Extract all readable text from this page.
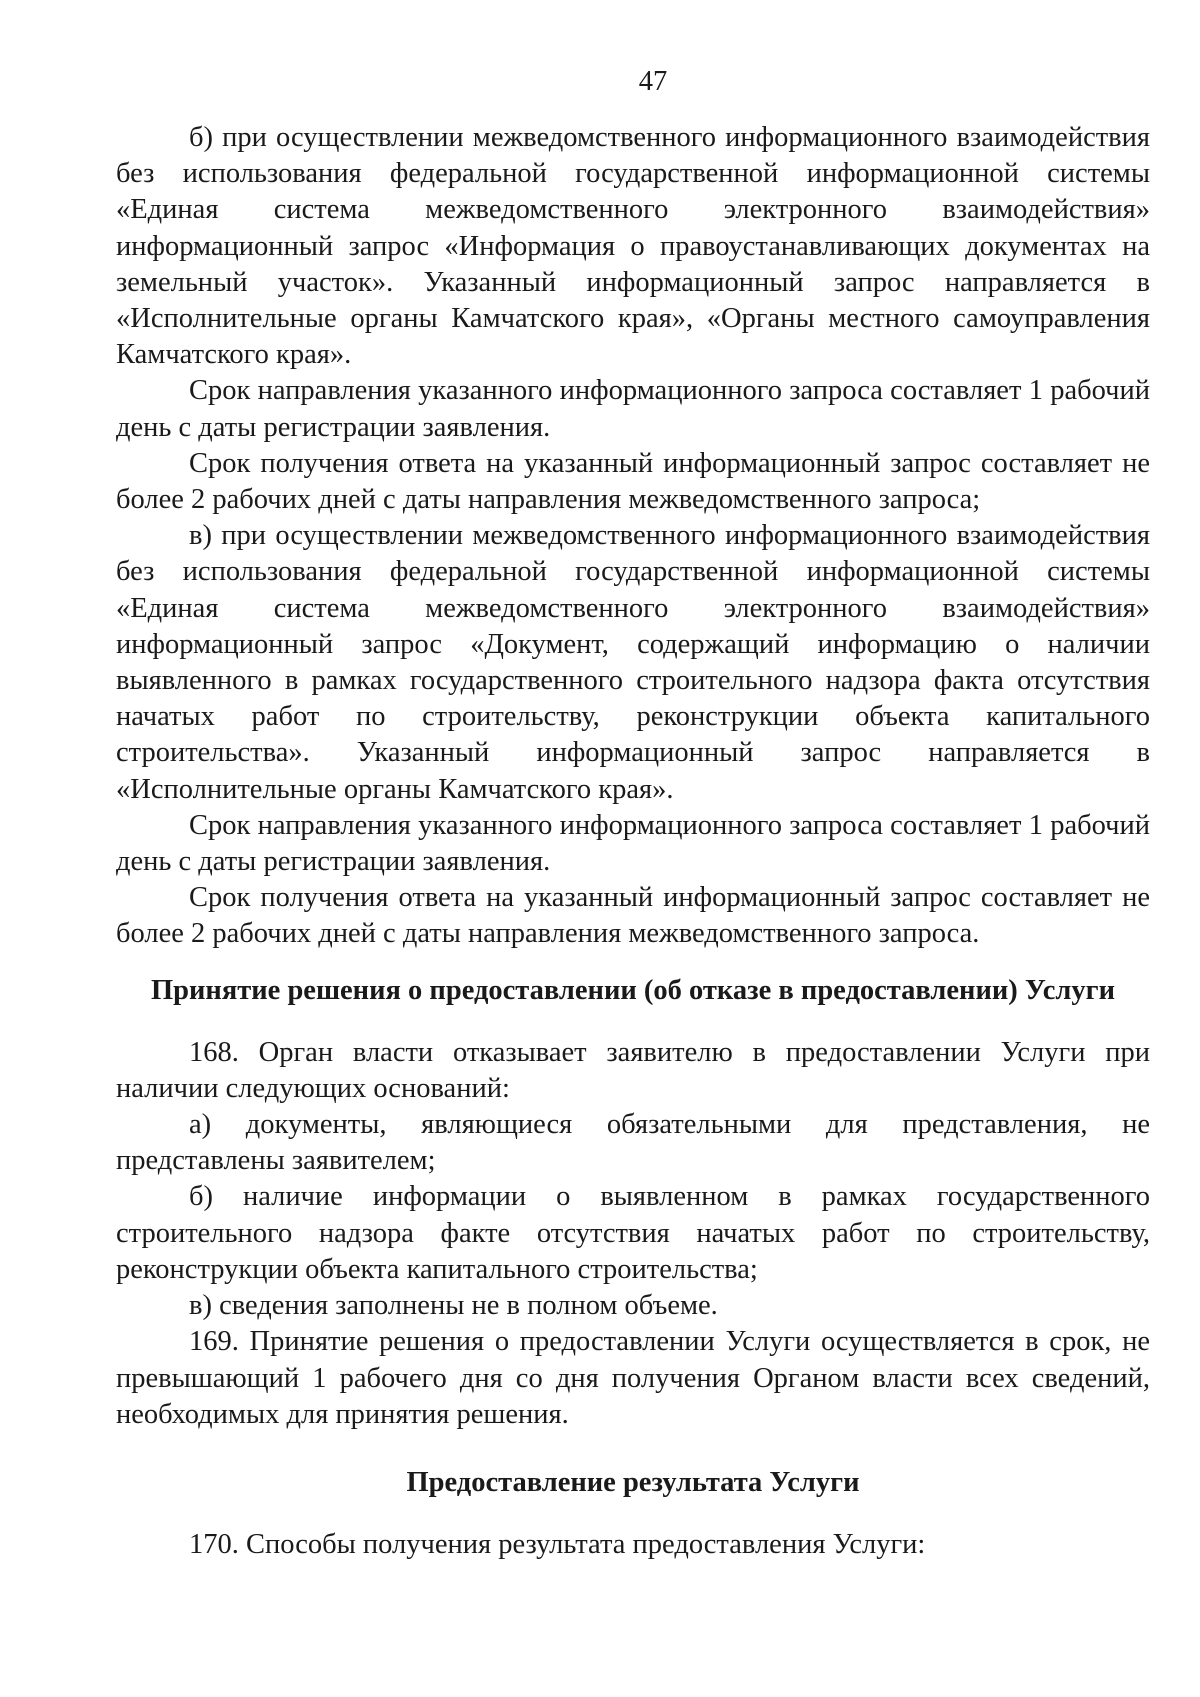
47

б) при осуществлении межведомственного информационного взаимодействия без использования федеральной государственной информационной системы «Единая система межведомственного электронного взаимодействия» информационный запрос «Информация о правоустанавливающих документах на земельный участок». Указанный информационный запрос направляется в «Исполнительные органы Камчатского края», «Органы местного самоуправления Камчатского края».

Срок направления указанного информационного запроса составляет 1 рабочий день с даты регистрации заявления.

Срок получения ответа на указанный информационный запрос составляет не более 2 рабочих дней с даты направления межведомственного запроса;

в) при осуществлении межведомственного информационного взаимодействия без использования федеральной государственной информационной системы «Единая система межведомственного электронного взаимодействия» информационный запрос «Документ, содержащий информацию о наличии выявленного в рамках государственного строительного надзора факта отсутствия начатых работ по строительству, реконструкции объекта капитального строительства». Указанный информационный запрос направляется в «Исполнительные органы Камчатского края».

Срок направления указанного информационного запроса составляет 1 рабочий день с даты регистрации заявления.

Срок получения ответа на указанный информационный запрос составляет не более 2 рабочих дней с даты направления межведомственного запроса.

Принятие решения о предоставлении (об отказе в предоставлении) Услуги

168. Орган власти отказывает заявителю в предоставлении Услуги при наличии следующих оснований:

а) документы, являющиеся обязательными для представления, не представлены заявителем;

б) наличие информации о выявленном в рамках государственного строительного надзора факте отсутствия начатых работ по строительству, реконструкции объекта капитального строительства;

в) сведения заполнены не в полном объеме.

169. Принятие решения о предоставлении Услуги осуществляется в срок, не превышающий 1 рабочего дня со дня получения Органом власти всех сведений, необходимых для принятия решения.

Предоставление результата Услуги

170. Способы получения результата предоставления Услуги:
